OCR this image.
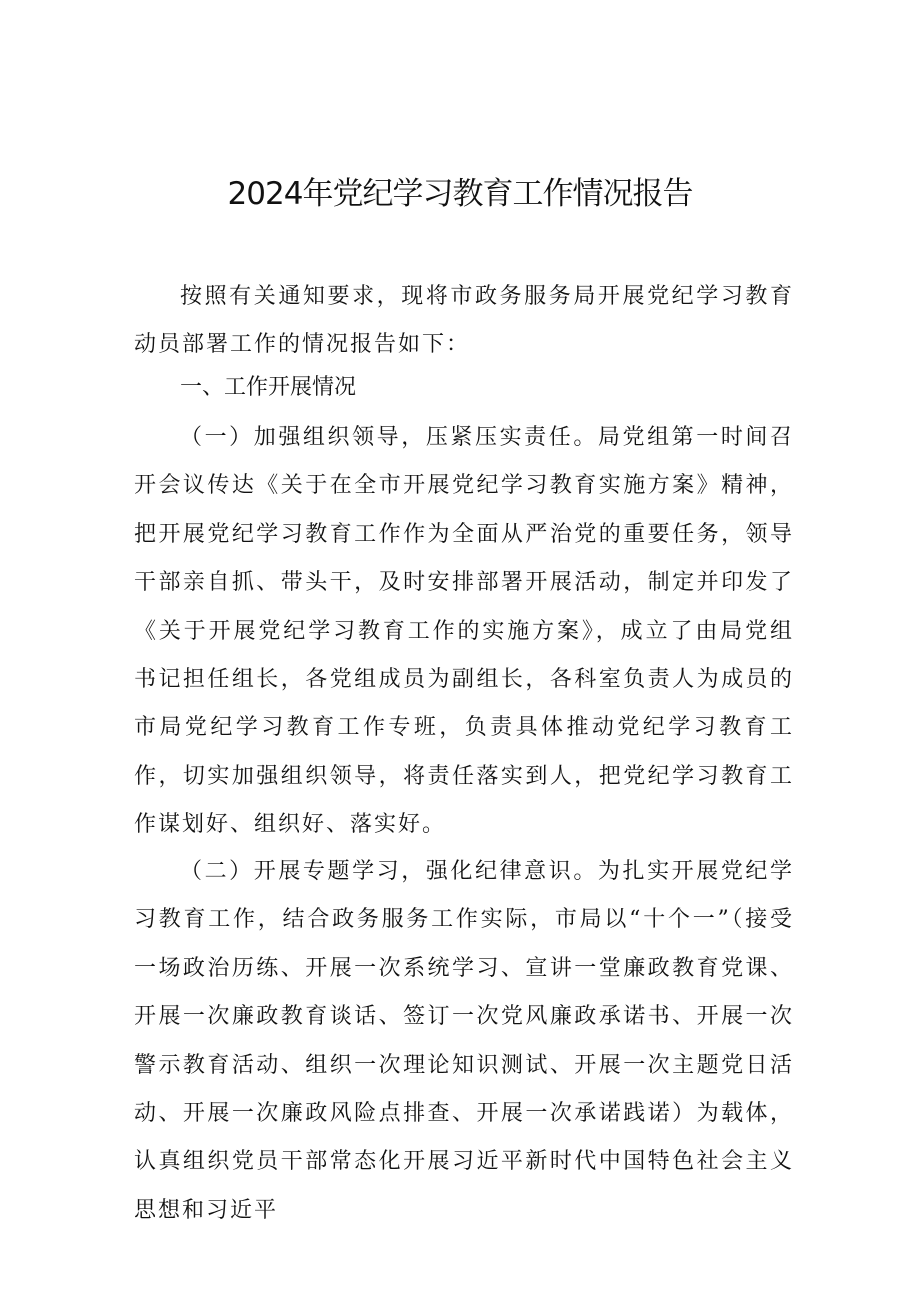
2024年党纪学习教育工作情况报告

按照有关通知要求，现将市政务服务局开展党纪学习教育动员部署工作的情况报告如下：

一、工作开展情况

（一）加强组织领导，压紧压实责任。局党组第一时间召开会议传达《关于在全市开展党纪学习教育实施方案》精神，把开展党纪学习教育工作作为全面从严治党的重要任务，领导干部亲自抓、带头干，及时安排部署开展活动，制定并印发了《关于开展党纪学习教育工作的实施方案》，成立了由局党组书记担任组长，各党组成员为副组长，各科室负责人为成员的市局党纪学习教育工作专班，负责具体推动党纪学习教育工作，切实加强组织领导，将责任落实到人，把党纪学习教育工作谋划好、组织好、落实好。

（二）开展专题学习，强化纪律意识。为扎实开展党纪学习教育工作，结合政务服务工作实际，市局以“十个一”（接受一场政治历练、开展一次系统学习、宣讲一堂廉政教育党课、开展一次廉政教育谈话、签订一次党风廉政承诺书、开展一次警示教育活动、组织一次理论知识测试、开展一次主题党日活动、开展一次廉政风险点排查、开展一次承诺践诺）为载体，认真组织党员干部常态化开展习近平新时代中国特色社会主义思想和习近平
